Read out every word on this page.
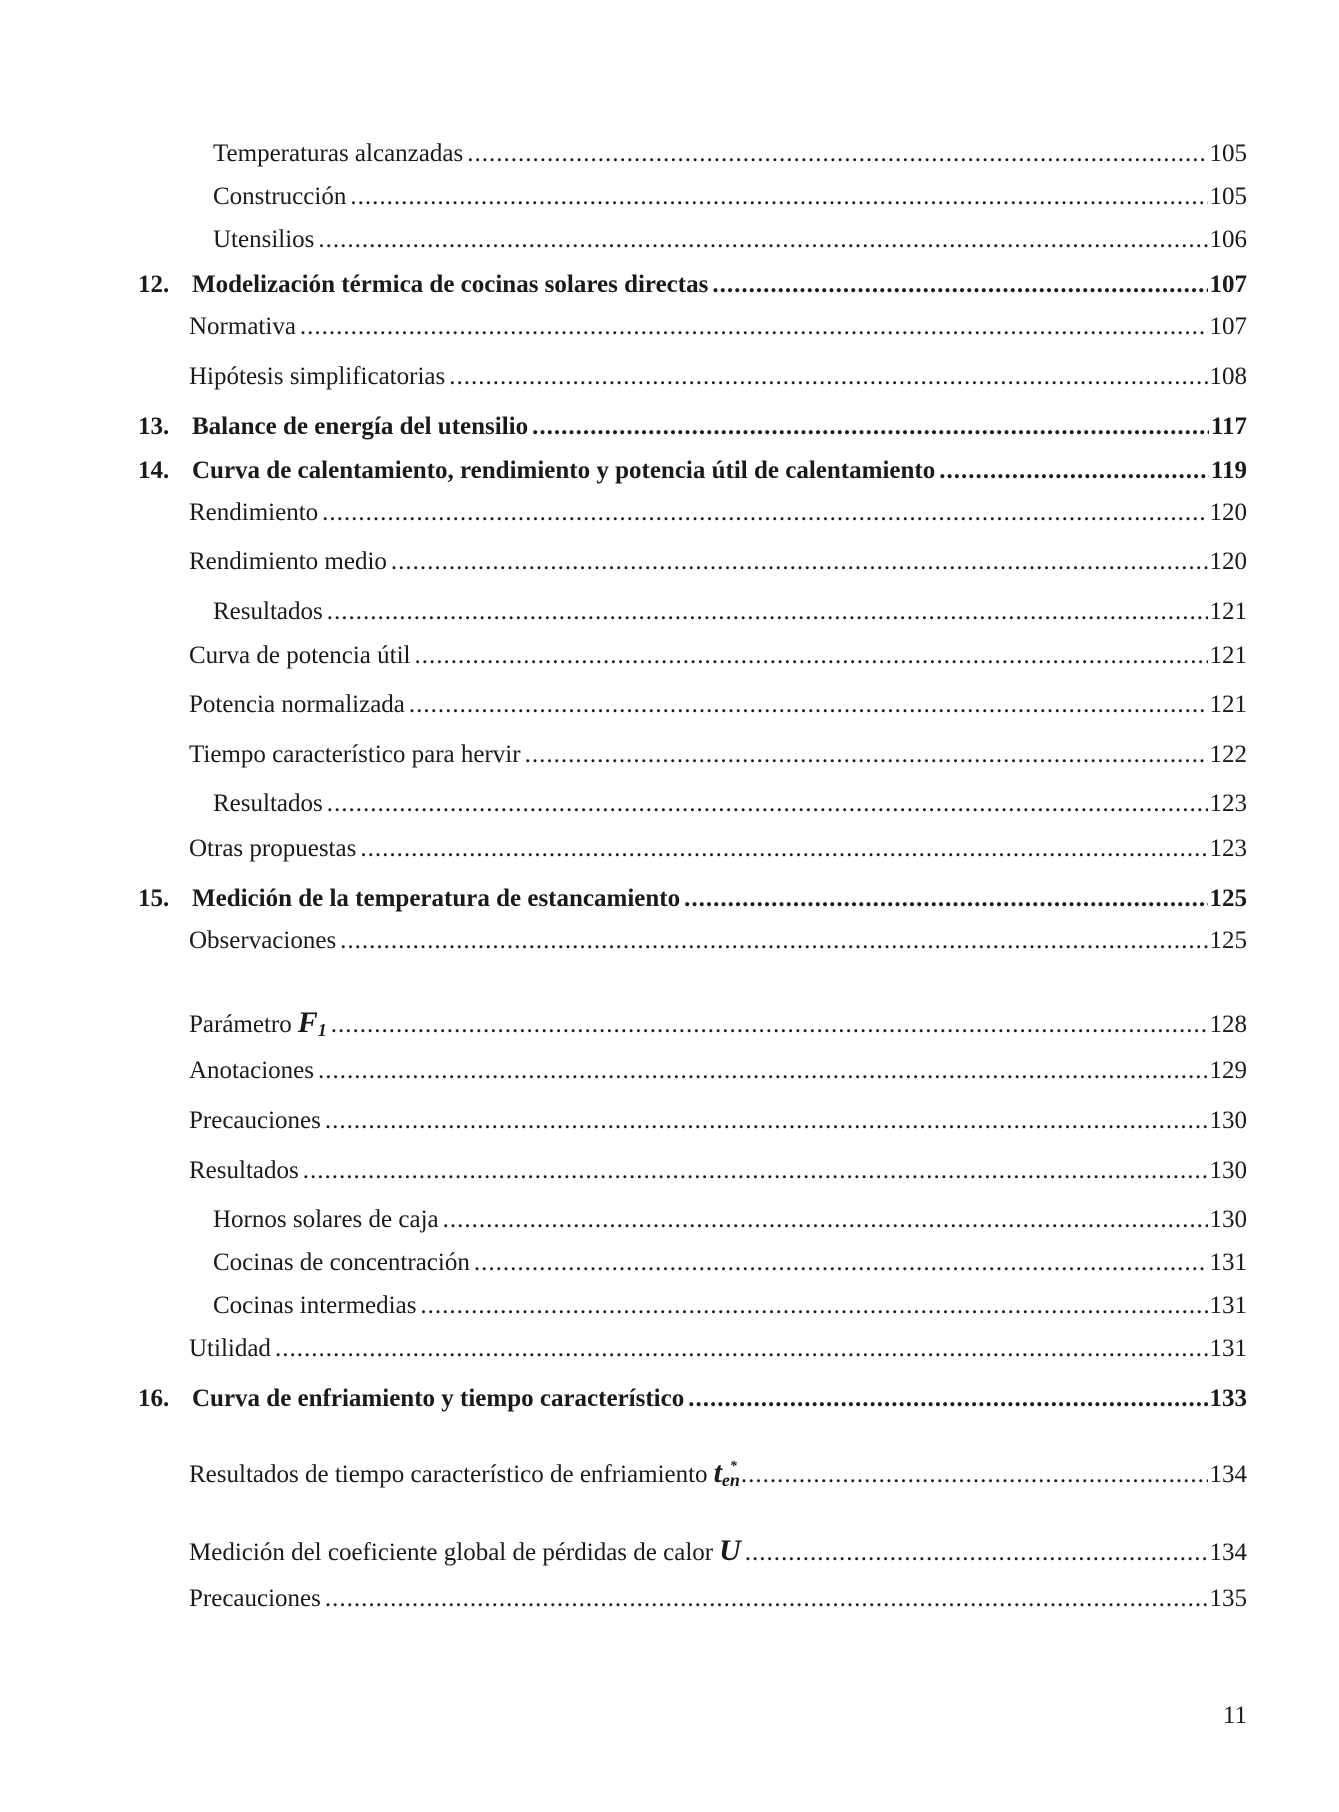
Temperaturas alcanzadas .....	105
Construcción .....	105
Utensilios .....	106
12. Modelización térmica de cocinas solares directas .....	107
Normativa .....	107
Hipótesis simplificatorias .....	108
13. Balance de energía del utensilio .....	117
14. Curva de calentamiento, rendimiento y potencia útil de calentamiento .....	119
Rendimiento .....	120
Rendimiento medio .....	120
Resultados .....	121
Curva de potencia útil .....	121
Potencia normalizada .....	121
Tiempo característico para hervir .....	122
Resultados .....	123
Otras propuestas .....	123
15. Medición de la temperatura de estancamiento .....	125
Observaciones .....	125
Parámetro $F_1$ .....	128
Anotaciones .....	129
Precauciones .....	130
Resultados .....	130
Hornos solares de caja .....	130
Cocinas de concentración .....	131
Cocinas intermedias .....	131
Utilidad .....	131
16. Curva de enfriamiento y tiempo característico .....	133
Resultados de tiempo característico de enfriamiento $t_{en}^*$ .....	134
Medición del coeficiente global de pérdidas de calor U .....	134
Precauciones .....	135
11
